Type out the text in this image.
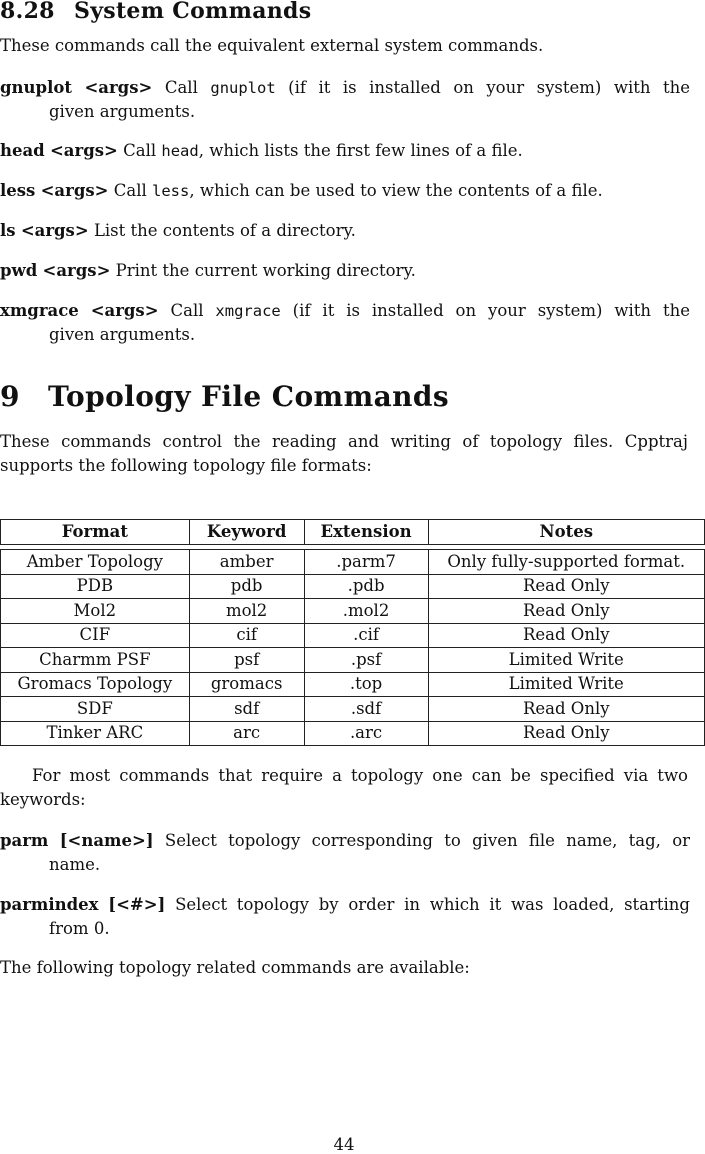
8.28 System Commands
These commands call the equivalent external system commands.
gnuplot <args> Call gnuplot (if it is installed on your system) with the
given arguments.
head <args> Call head, which lists the first few lines of a file.
less <args> Call less, which can be used to view the contents of a file.
ls <args> List the contents of a directory.
pwd <args> Print the current working directory.
xmgrace <args> Call xmgrace (if it is installed on your system) with the
given arguments.
9 Topology File Commands
These commands control the reading and writing of topology files. Cpptraj
supports the following topology file formats:
Format	Keyword	Extension	Notes

Amber Topology	amber	.parm7	Only fully-supported format.
PDB	pdb	.pdb	Read Only
Mol2	mol2	.mol2	Read Only
CIF	cif	.cif	Read Only
Charmm PSF	psf	.psf	Limited Write
Gromacs Topology	gromacs	.top	Limited Write
SDF	sdf	.sdf	Read Only
Tinker ARC	arc	.arc	Read Only
For most commands that require a topology one can be specified via two
keywords:
parm [<name>] Select topology corresponding to given file name, tag, or
name.
parmindex [<#>] Select topology by order in which it was loaded, starting
from 0.
The following topology related commands are available:
44
